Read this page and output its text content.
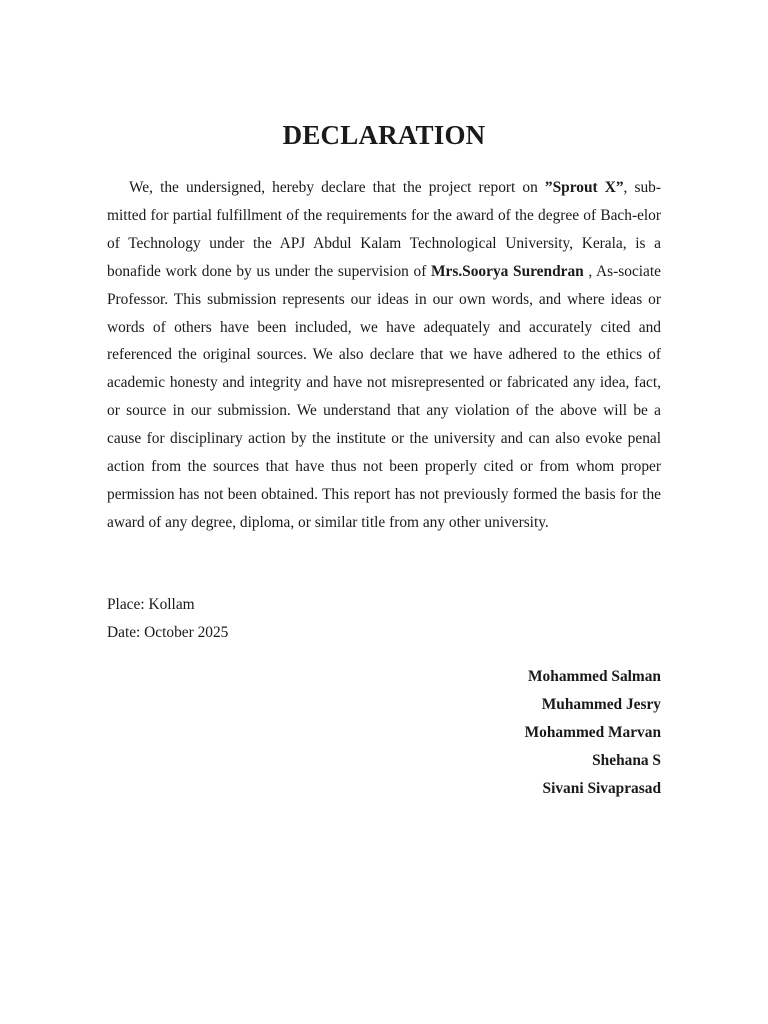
DECLARATION

We, the undersigned, hereby declare that the project report on ”Sprout X”, sub-mitted for partial fulfillment of the requirements for the award of the degree of Bach-elor of Technology under the APJ Abdul Kalam Technological University, Kerala, is a bonafide work done by us under the supervision of Mrs.Soorya Surendran , As-sociate Professor. This submission represents our ideas in our own words, and where ideas or words of others have been included, we have adequately and accurately cited and referenced the original sources. We also declare that we have adhered to the ethics of academic honesty and integrity and have not misrepresented or fabricated any idea, fact, or source in our submission. We understand that any violation of the above will be a cause for disciplinary action by the institute or the university and can also evoke penal action from the sources that have thus not been properly cited or from whom proper permission has not been obtained. This report has not previously formed the basis for the award of any degree, diploma, or similar title from any other university.

Place: Kollam
Date: October 2025
Mohammed Salman
Muhammed Jesry
Mohammed Marvan
Shehana S
Sivani Sivaprasad
